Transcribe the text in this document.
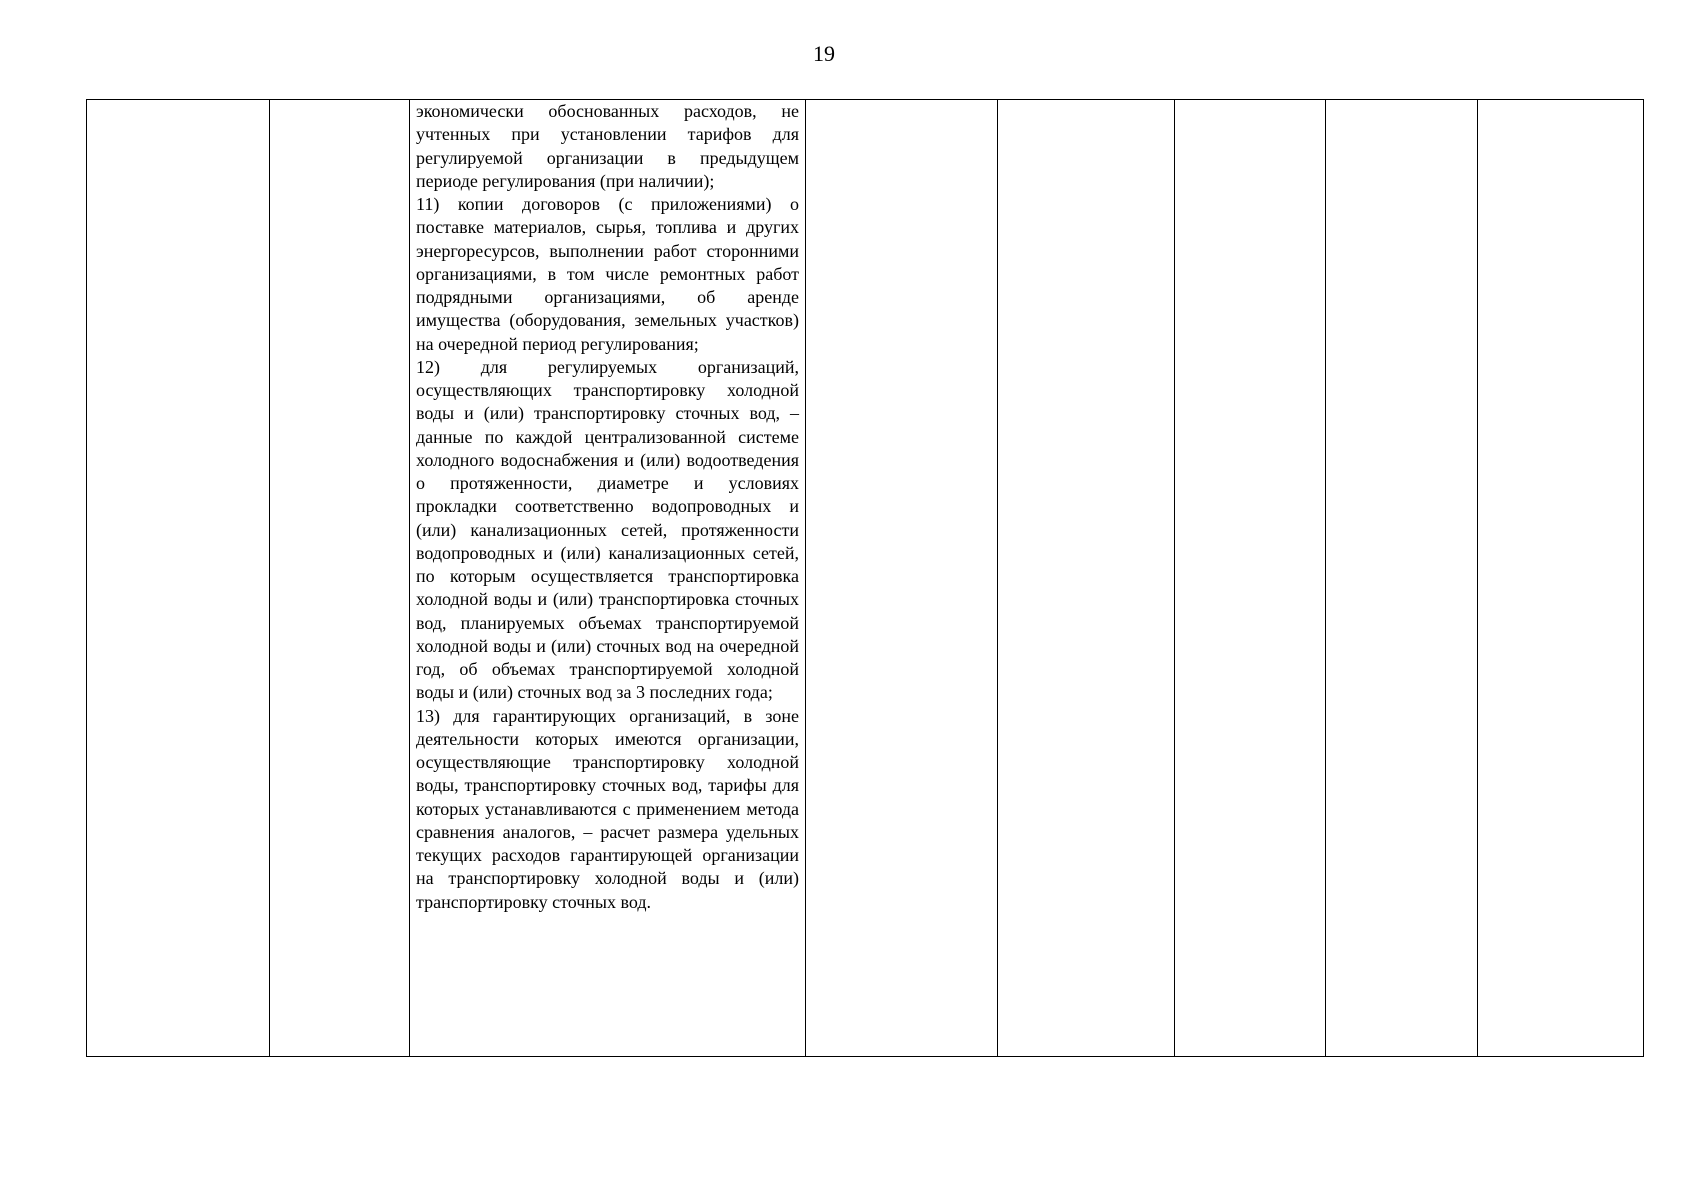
19

экономически обоснованных расходов, не учтенных при установлении тарифов для регулируемой организации в предыдущем периоде регулирования (при наличии);

11) копии договоров (с приложениями) о поставке материалов, сырья, топлива и других энергоресурсов, выполнении работ сторонними организациями, в том числе ремонтных работ подрядными организациями, об аренде имущества (оборудования, земельных участков) на очередной период регулирования;

12) для регулируемых организаций, осуществляющих транспортировку холодной воды и (или) транспортировку сточных вод, – данные по каждой централизованной системе холодного водоснабжения и (или) водоотведения о протяженности, диаметре и условиях прокладки соответственно водопроводных и (или) канализационных сетей, протяженности водопроводных и (или) канализационных сетей, по которым осуществляется транспортировка холодной воды и (или) транспортировка сточных вод, планируемых объемах транспортируемой холодной воды и (или) сточных вод на очередной год, об объемах транспортируемой холодной воды и (или) сточных вод за 3 последних года;

13) для гарантирующих организаций, в зоне деятельности которых имеются организации, осуществляющие транспортировку холодной воды, транспортировку сточных вод, тарифы для которых устанавливаются с применением метода сравнения аналогов, – расчет размера удельных текущих расходов гарантирующей организации на транспортировку холодной воды и (или) транспортировку сточных вод.
